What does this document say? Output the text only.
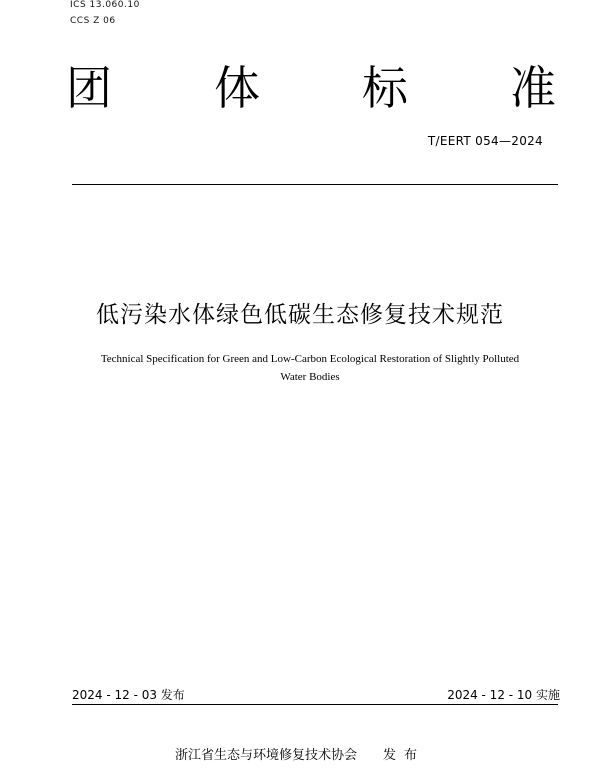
ICS 13.060.10
CCS Z 06
团 体 标 准
T/EERT 054—2024
低污染水体绿色低碳生态修复技术规范
Technical Specification for Green and Low-Carbon Ecological Restoration of Slightly Polluted
Water Bodies
2024 - 12 - 03 发布	2024 - 12 - 10 实施
浙江省生态与环境修复技术协会 发布
